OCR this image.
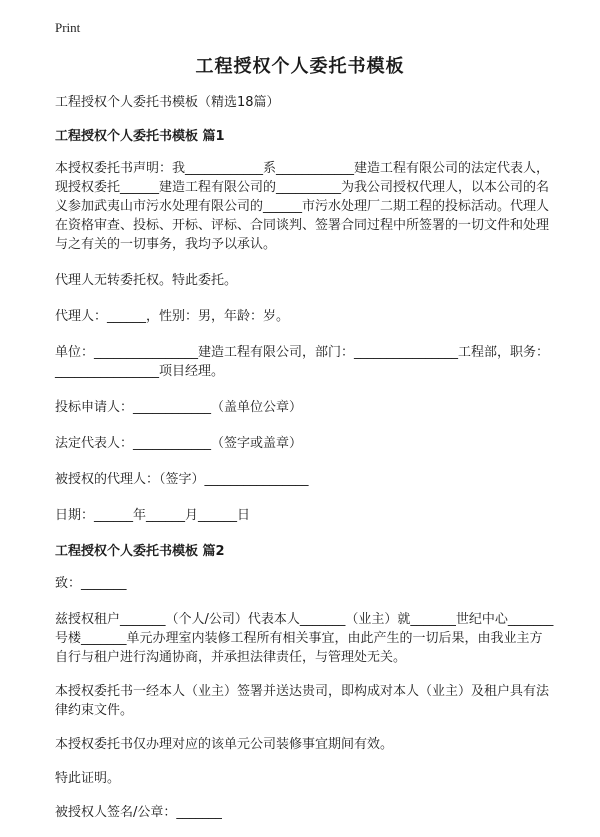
Print
工程授权个人委托书模板

工程授权个人委托书模板（精选18篇）

工程授权个人委托书模板 篇1

本授权委托书声明：我____________系____________建造工程有限公司的法定代表人，现授权委托______建造工程有限公司的__________为我公司授权代理人，以本公司的名义参加武夷山市污水处理有限公司的______市污水处理厂二期工程的投标活动。代理人在资格审查、投标、开标、评标、合同谈判、签署合同过程中所签署的一切文件和处理与之有关的一切事务，我均予以承认。

代理人无转委托权。特此委托。

代理人：______，性别：男，年龄：岁。

单位：________________建造工程有限公司，部门：________________工程部，职务：________________项目经理。

投标申请人：____________（盖单位公章）

法定代表人：____________（签字或盖章）

被授权的代理人：（签字）________________

日期：______年______月______日

工程授权个人委托书模板 篇2

致：_______

兹授权租户_______（个人/公司）代表本人_______（业主）就_______世纪中心_______号楼_______单元办理室内装修工程所有相关事宜，由此产生的一切后果，由我业主方自行与租户进行沟通协商，并承担法律责任，与管理处无关。

本授权委托书一经本人（业主）签署并送达贵司，即构成对本人（业主）及租户具有法律约束文件。

本授权委托书仅办理对应的该单元公司装修事宜期间有效。

特此证明。

被授权人签名/公章：_______
